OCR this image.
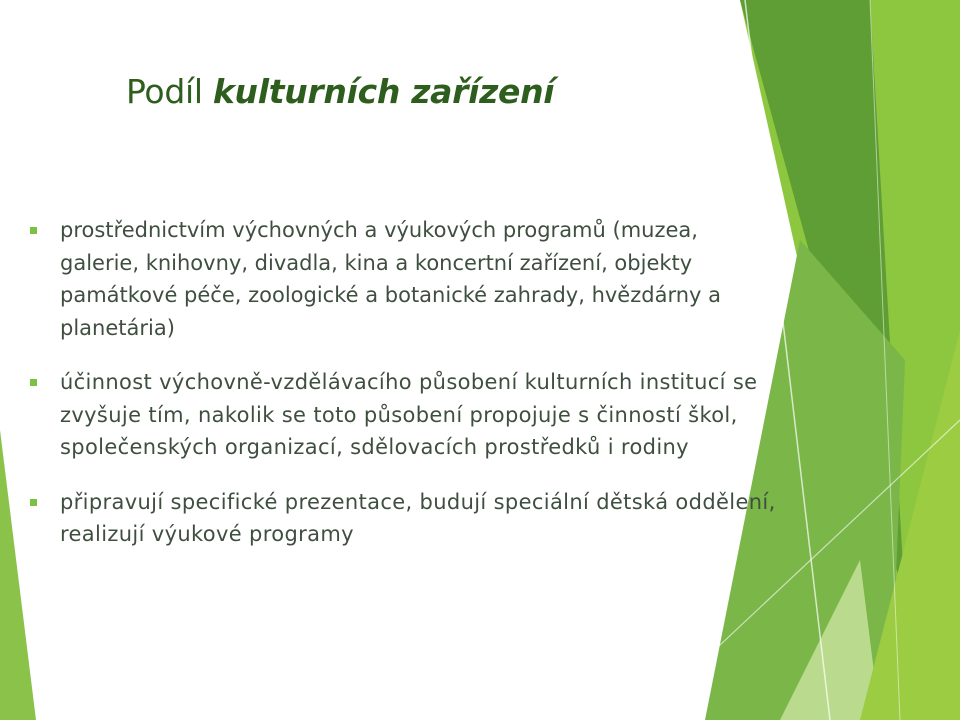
Podíl kulturních zařízení
prostřednictvím výchovných a výukových programů (muzea,
galerie, knihovny, divadla, kina a koncertní zařízení, objekty
památkové péče, zoologické a botanické zahrady, hvězdárny a
planetária)
účinnost výchovně-vzdělávacího působení kulturních institucí se
zvyšuje tím, nakolik se toto působení propojuje s činností škol,
společenských organizací, sdělovacích prostředků i rodiny
připravují specifické prezentace, budují speciální dětská oddělení,
realizují výukové programy
